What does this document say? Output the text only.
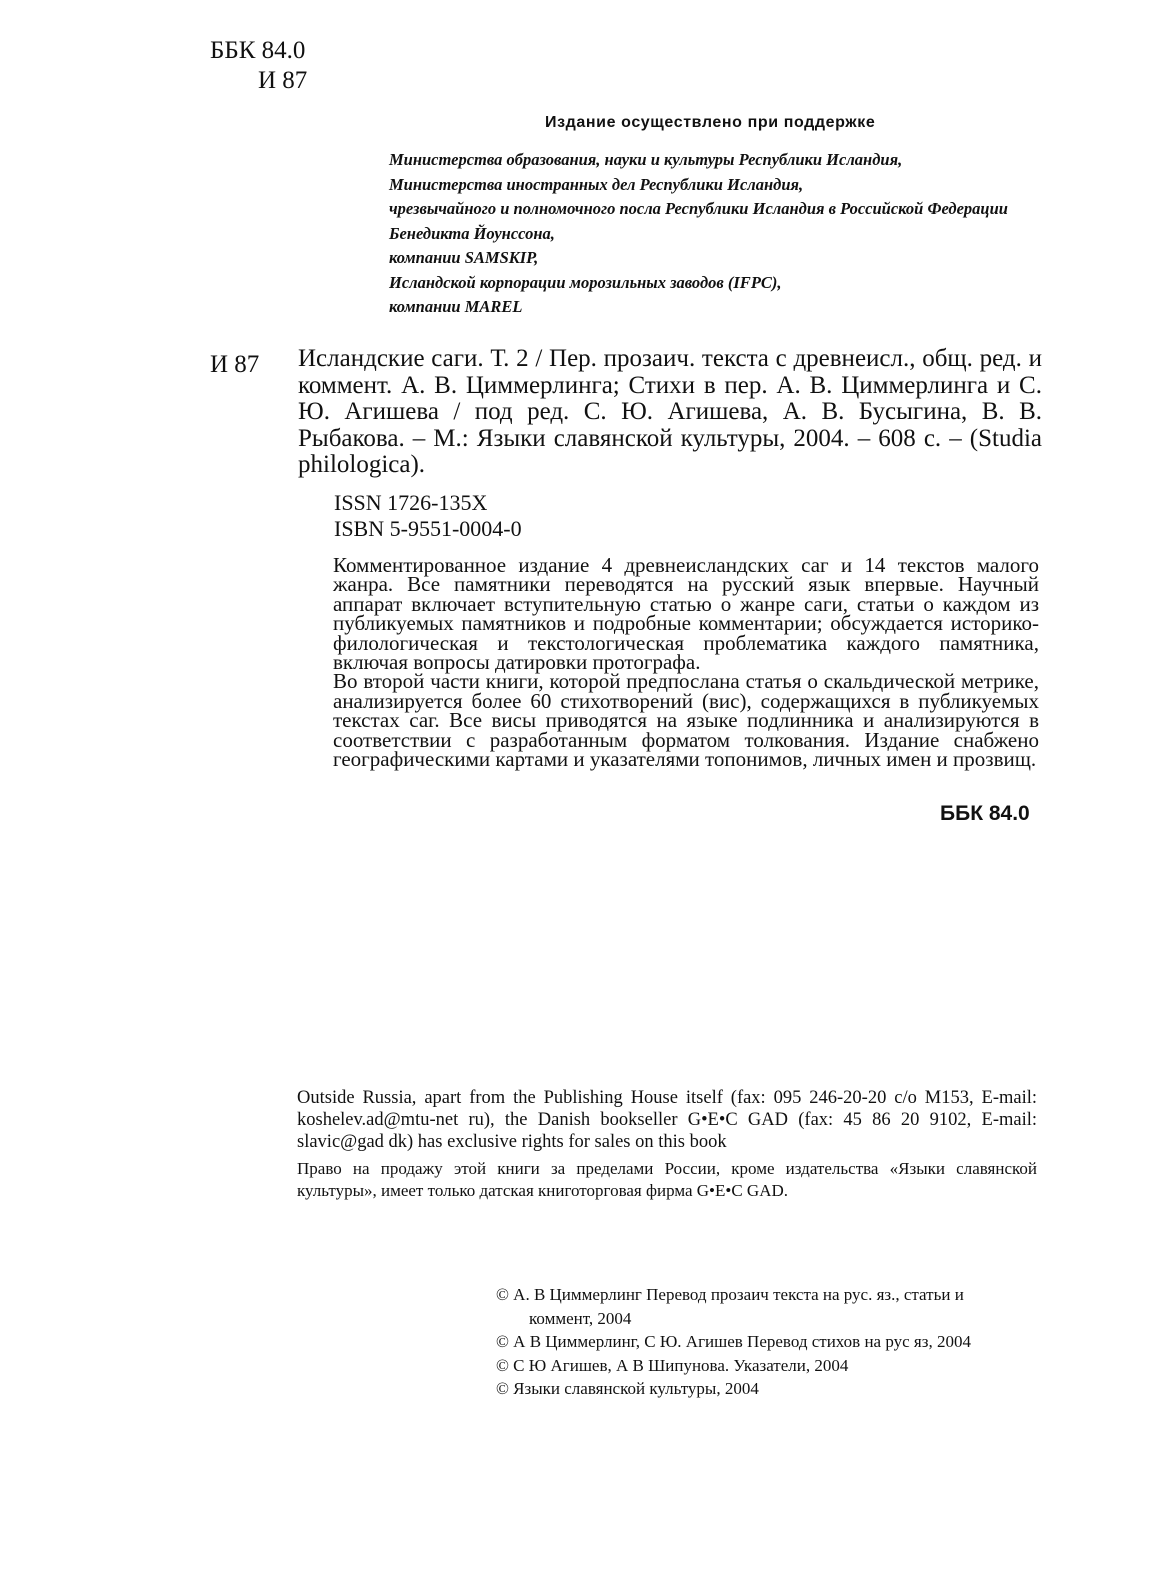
ББК 84.0
И 87
Издание осуществлено при поддержке
Министерства образования, науки и культуры Республики Исландия,
Министерства иностранных дел Республики Исландия,
чрезвычайного и полномочного посла Республики Исландия в Российской Федерации
Бенедикта Йоунссона,
компании SAMSKIP,
Исландской корпорации морозильных заводов (IFPC),
компании MAREL
И 87 Исландские саги. Т. 2 / Пер. прозаич. текста с древнеисл., общ. ред. и коммент. А. В. Циммерлинга; Стихи в пер. А. В. Циммерлинга и С. Ю. Агишева / под ред. С. Ю. Агишева, А. В. Бусыгина, В. В. Рыбакова. – М.: Языки славянской культуры, 2004. – 608 с. – (Studia philologica).
ISSN 1726-135X
ISBN 5-9551-0004-0

Комментированное издание 4 древнеисландских саг и 14 текстов малого жанра. Все памятники переводятся на русский язык впервые. Научный аппарат включает вступительную статью о жанре саги, статьи о каждом из публикуемых памятников и подробные комментарии; обсуждается историко-филологическая и текстологическая проблематика каждого памятника, включая вопросы датировки протографа.

Во второй части книги, которой предпослана статья о скальдической метрике, анализируется более 60 стихотворений (вис), содержащихся в публикуемых текстах саг. Все висы приводятся на языке подлинника и анализируются в соответствии с разработанным форматом толкования. Издание снабжено географическими картами и указателями топонимов, личных имен и прозвищ.

ББК 84.0

Outside Russia, apart from the Publishing House itself (fax: 095 246-20-20 c/o M153, E-mail: koshelev.ad@mtu-net ru), the Danish bookseller G•E•C GAD (fax: 45 86 20 9102, E-mail: slavic@gad dk) has exclusive rights for sales on this book

Право на продажу этой книги за пределами России, кроме издательства «Языки славянской культуры», имеет только датская книготорговая фирма G•E•C GAD.

© А. В Циммерлинг Перевод прозаич текста на рус. яз., статьи и
коммент, 2004
© А В Циммерлинг, С Ю. Агишев Перевод стихов на рус яз, 2004
© С Ю Агишев, А В Шипунова. Указатели, 2004
© Языки славянской культуры, 2004
